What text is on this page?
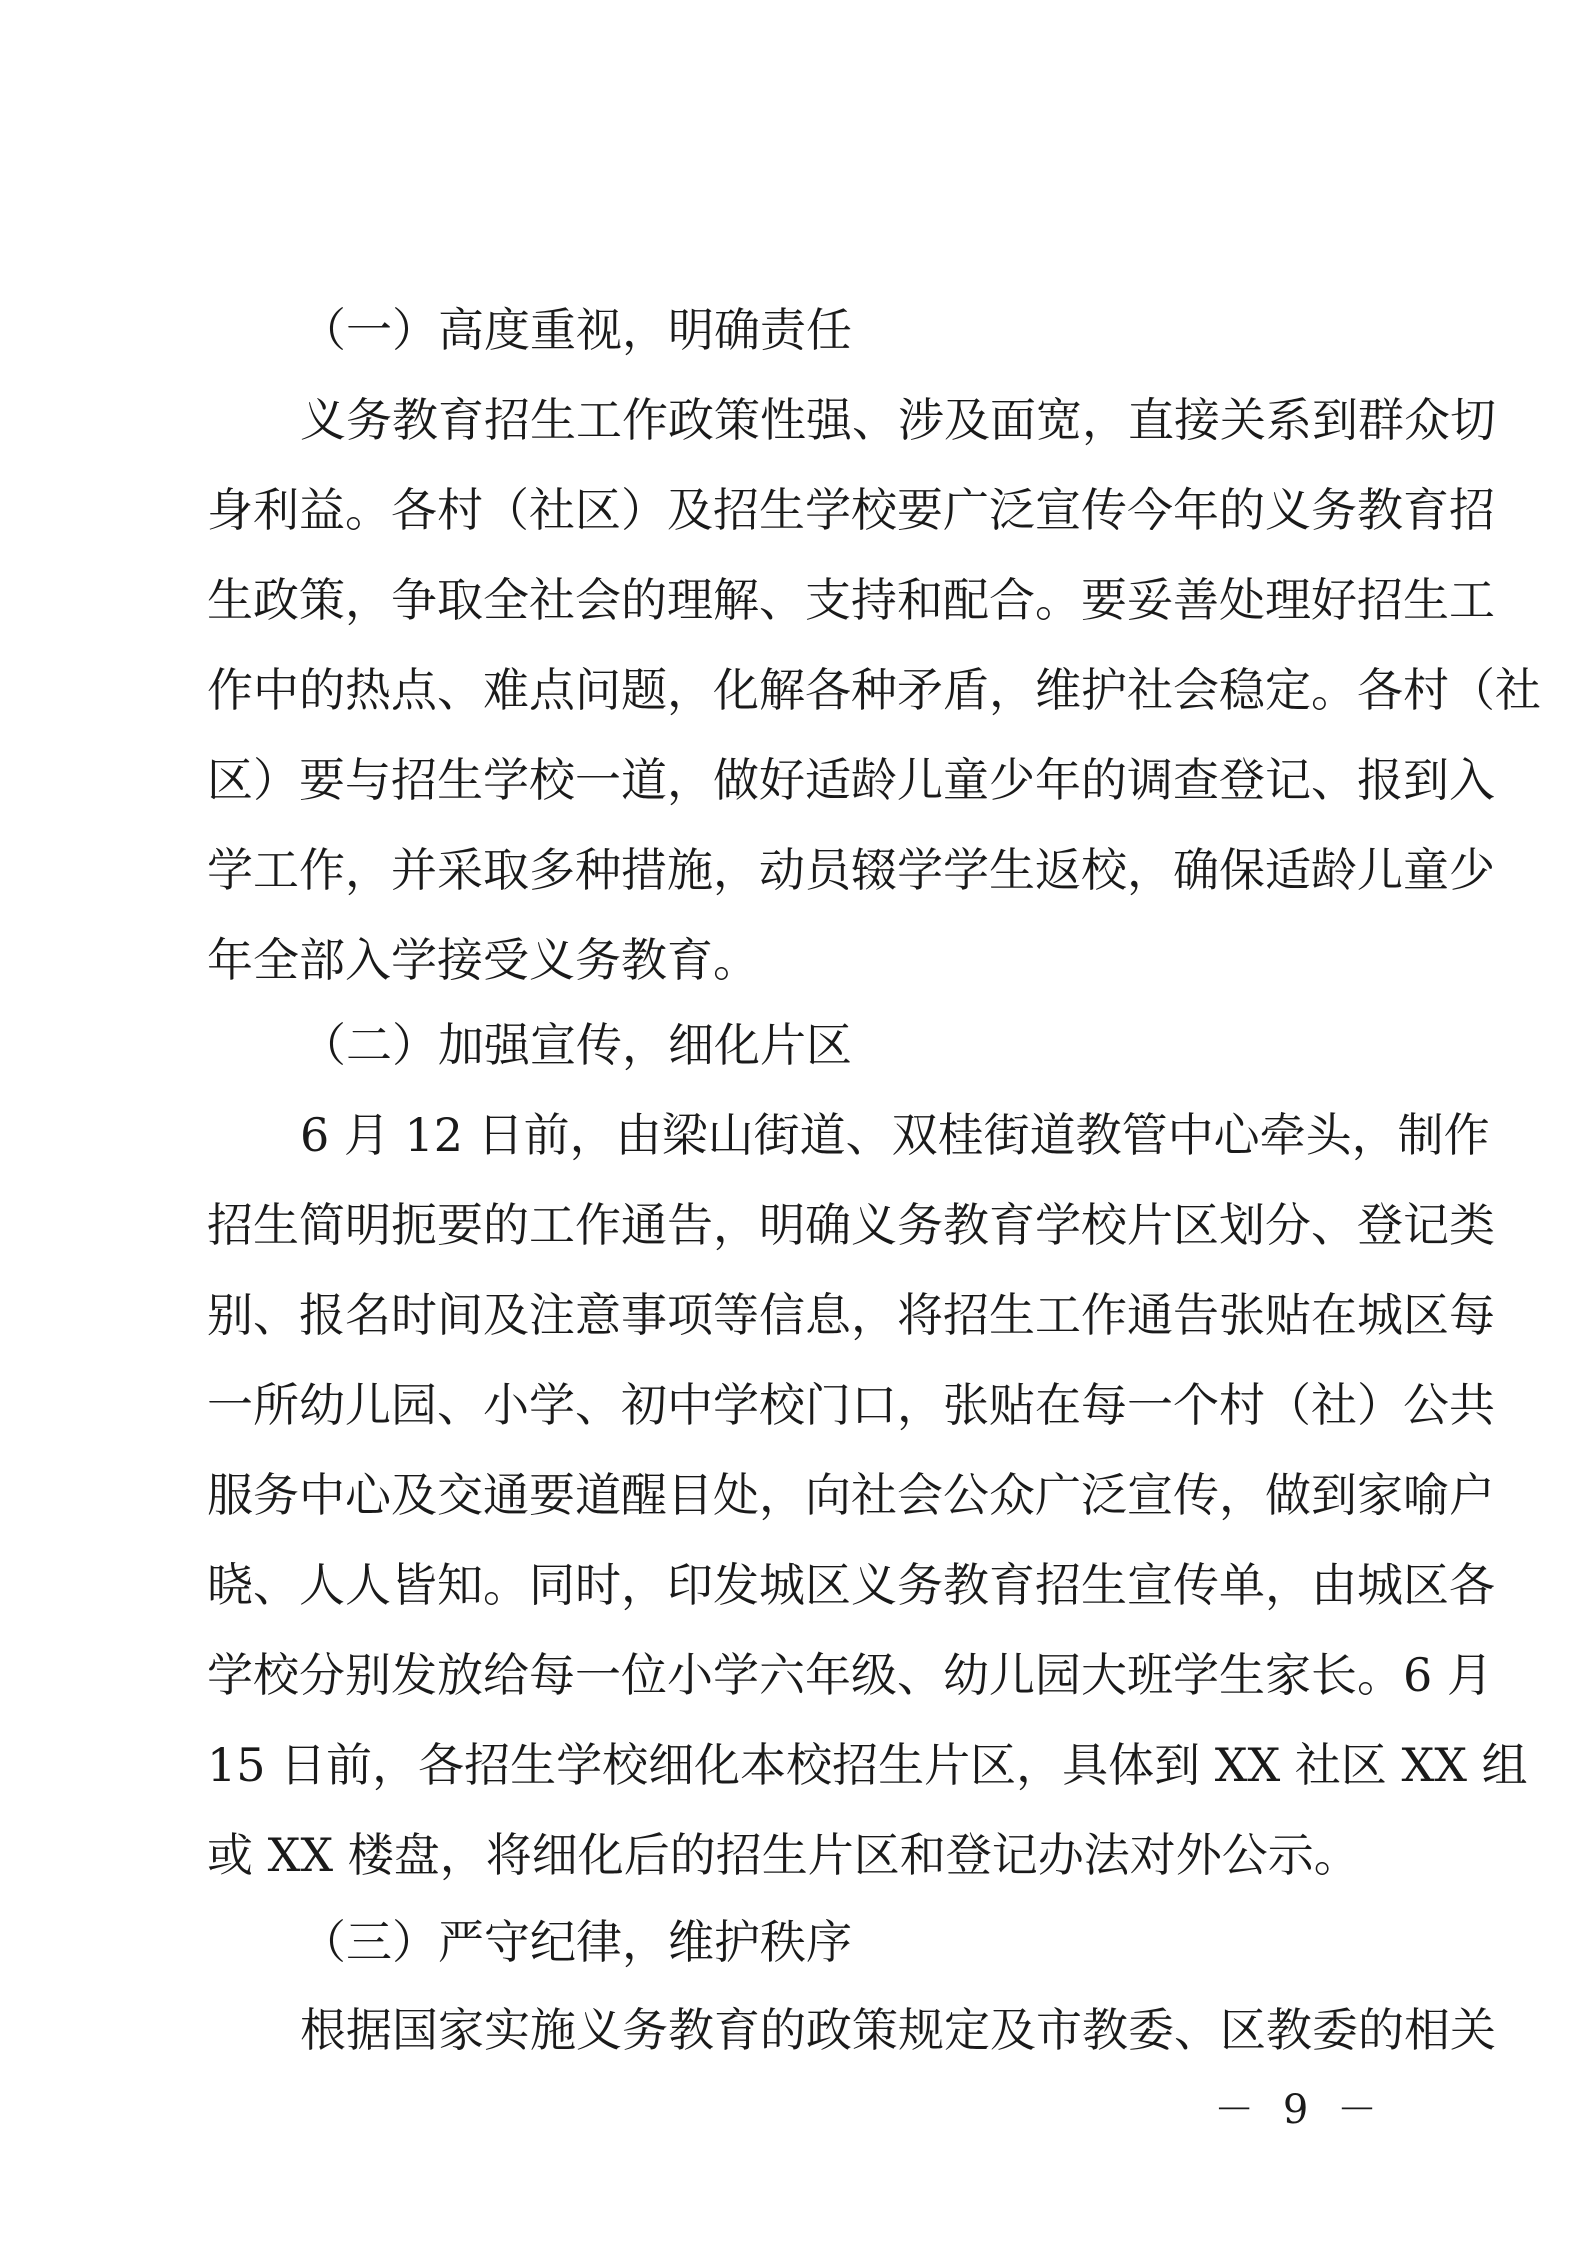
（一）高度重视，明确责任
义务教育招生工作政策性强、涉及面宽，直接关系到群众切
身利益。各村（社区）及招生学校要广泛宣传今年的义务教育招
生政策，争取全社会的理解、支持和配合。要妥善处理好招生工
作中的热点、难点问题，化解各种矛盾，维护社会稳定。各村（社
区）要与招生学校一道，做好适龄儿童少年的调查登记、报到入
学工作，并采取多种措施，动员辍学学生返校，确保适龄儿童少
年全部入学接受义务教育。
（二）加强宣传，细化片区
6 月 12 日前，由梁山街道、双桂街道教管中心牵头，制作
招生简明扼要的工作通告，明确义务教育学校片区划分、登记类
别、报名时间及注意事项等信息，将招生工作通告张贴在城区每
一所幼儿园、小学、初中学校门口，张贴在每一个村（社）公共
服务中心及交通要道醒目处，向社会公众广泛宣传，做到家喻户
晓、人人皆知。同时，印发城区义务教育招生宣传单，由城区各
学校分别发放给每一位小学六年级、幼儿园大班学生家长。6 月
15 日前，各招生学校细化本校招生片区，具体到 XX 社区 XX 组
或 XX 楼盘，将细化后的招生片区和登记办法对外公示。
（三）严守纪律，维护秩序
根据国家实施义务教育的政策规定及市教委、区教委的相关
－ 9 －
